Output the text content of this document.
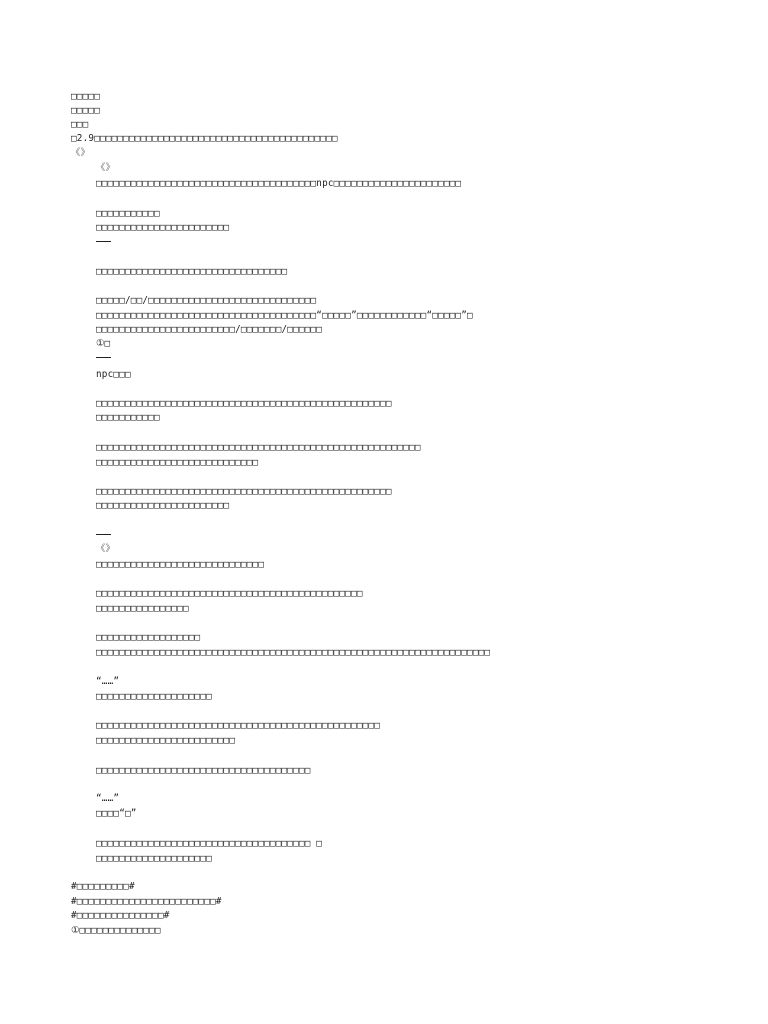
□□□□□
□□□□□
□□□
□2.9□□□□□□□□□□□□□□□□□□□□□□□□□□□□□□□□□□□□□□□□□□
《》
《》
□□□□□□□□□□□□□□□□□□□□□□□□□□□□□□□□□□□□□□npc□□□□□□□□□□□□□□□□□□□□□□
□□□□□□□□□□□
□□□□□□□□□□□□□□□□□□□□□□□
□□□□□□□□□□□□□□□□□□□□□□□□□□□□□□□□□
□□□□□/□□/□□□□□□□□□□□□□□□□□□□□□□□□□□□□□
□□□□□□□□□□□□□□□□□□□□□□□□□□□□□□□□□□□□□□“□□□□□”□□□□□□□□□□□□“□□□□□”□
□□□□□□□□□□□□□□□□□□□□□□□□/□□□□□□□/□□□□□□
①□
npc□□□
□□□□□□□□□□□□□□□□□□□□□□□□□□□□□□□□□□□□□□□□□□□□□□□□□□□
□□□□□□□□□□□
□□□□□□□□□□□□□□□□□□□□□□□□□□□□□□□□□□□□□□□□□□□□□□□□□□□□□□□□
□□□□□□□□□□□□□□□□□□□□□□□□□□□□
□□□□□□□□□□□□□□□□□□□□□□□□□□□□□□□□□□□□□□□□□□□□□□□□□□□
□□□□□□□□□□□□□□□□□□□□□□□
《》
□□□□□□□□□□□□□□□□□□□□□□□□□□□□□
□□□□□□□□□□□□□□□□□□□□□□□□□□□□□□□□□□□□□□□□□□□□□□
□□□□□□□□□□□□□□□□
□□□□□□□□□□□□□□□□□□
□□□□□□□□□□□□□□□□□□□□□□□□□□□□□□□□□□□□□□□□□□□□□□□□□□□□□□□□□□□□□□□□□□□□
“……”
□□□□□□□□□□□□□□□□□□□□
□□□□□□□□□□□□□□□□□□□□□□□□□□□□□□□□□□□□□□□□□□□□□□□□□
□□□□□□□□□□□□□□□□□□□□□□□□
□□□□□□□□□□□□□□□□□□□□□□□□□□□□□□□□□□□□□
“……”
□□□□“□”
□□□□□□□□□□□□□□□□□□□□□□□□□□□□□□□□□□□□□ □
□□□□□□□□□□□□□□□□□□□□
#□□□□□□□□□#
#□□□□□□□□□□□□□□□□□□□□□□□□#
#□□□□□□□□□□□□□□□#
①□□□□□□□□□□□□□□
